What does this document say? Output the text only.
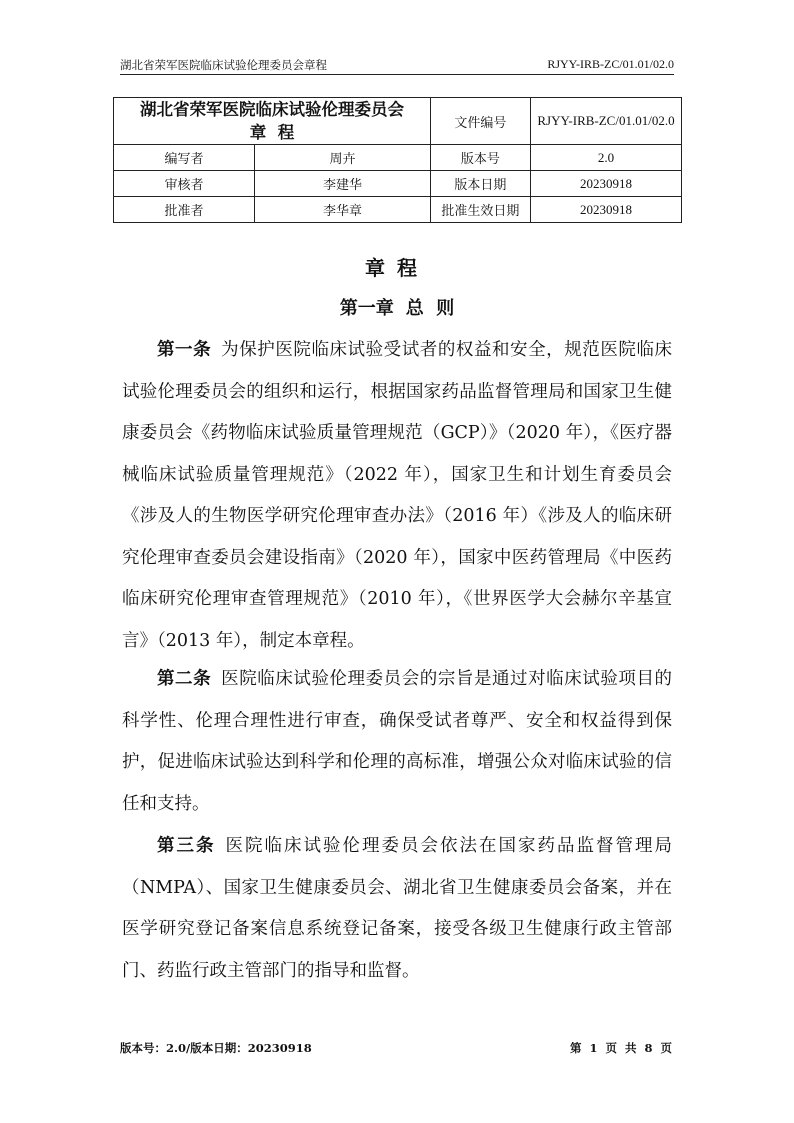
湖北省荣军医院临床试验伦理委员会章程	RJYY-IRB-ZC/01.01/02.0
湖北省荣军医院临床试验伦理委员会
章  程		文件编号	RJYY-IRB-ZC/01.01/02.0
编写者	周卉	版本号	2.0
审核者	李建华	版本日期	20230918
批准者	李华章	批准生效日期	20230918
章程
第一章 总  则

第一条 为保护医院临床试验受试者的权益和安全，规范医院临床试验伦理委员会的组织和运行，根据国家药品监督管理局和国家卫生健康委员会《药物临床试验质量管理规范（GCP）》（2020 年），《医疗器械临床试验质量管理规范》（2022 年），国家卫生和计划生育委员会《涉及人的生物医学研究伦理审查办法》（2016 年）《涉及人的临床研究伦理审查委员会建设指南》（2020 年），国家中医药管理局《中医药临床研究伦理审查管理规范》（2010 年），《世界医学大会赫尔辛基宣言》（2013 年），制定本章程。

第二条 医院临床试验伦理委员会的宗旨是通过对临床试验项目的科学性、伦理合理性进行审查，确保受试者尊严、安全和权益得到保护，促进临床试验达到科学和伦理的高标准，增强公众对临床试验的信任和支持。

第三条 医院临床试验伦理委员会依法在国家药品监督管理局（NMPA）、国家卫生健康委员会、湖北省卫生健康委员会备案，并在医学研究登记备案信息系统登记备案，接受各级卫生健康行政主管部门、药监行政主管部门的指导和监督。

版本号：2.0/版本日期：20230918	第 1 页 共 8 页
